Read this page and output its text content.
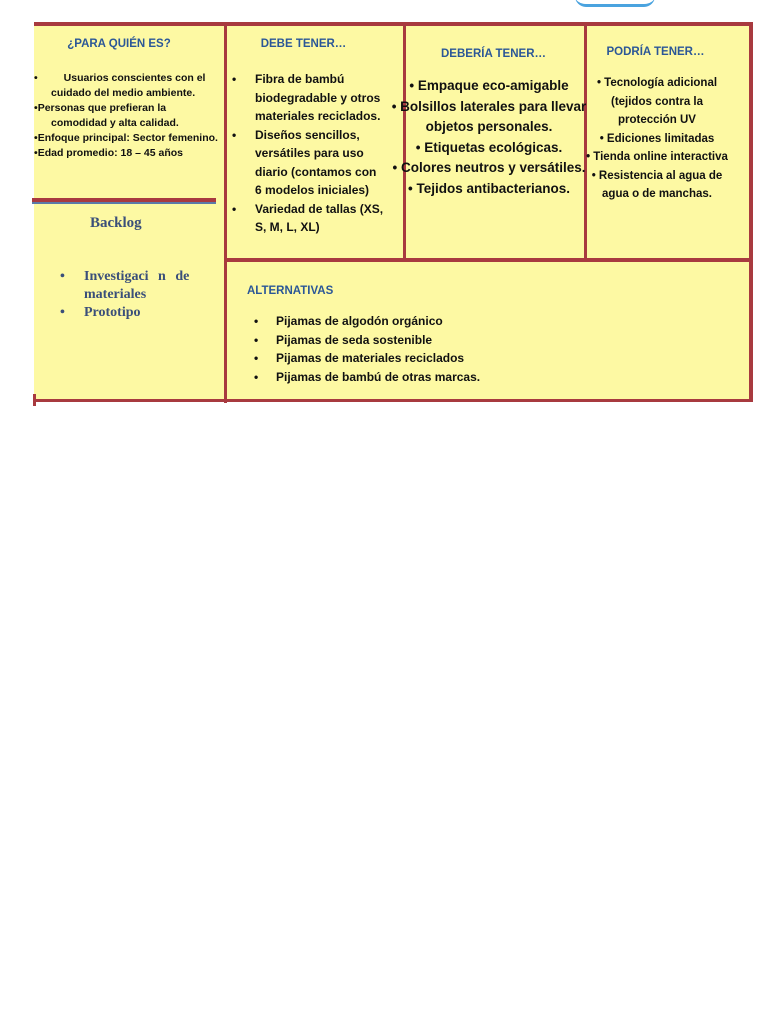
¿PARA QUIÉN ES?
• Usuarios conscientes con el cuidado del medio ambiente.
•Personas que prefieran la comodidad y alta calidad.
•Enfoque principal: Sector femenino.
•Edad promedio: 18 – 45 años
DEBE TENER…
• Fibra de bambú biodegradable y otros materiales reciclados.
• Diseños sencillos, versátiles para uso diario (contamos con 6 modelos iniciales)
• Variedad de tallas (XS, S, M, L, XL)
DEBERÍA TENER…
• Empaque eco-amigable
• Bolsillos laterales para llevar objetos personales.
• Etiquetas ecológicas.
• Colores neutros y versátiles.
• Tejidos antibacterianos.
PODRÍA TENER…
• Tecnología adicional (tejidos contra la protección UV
• Ediciones limitadas
• Tienda online interactiva
• Resistencia al agua de agua o de manchas.
Backlog
• Investigaci n de materiales
• Prototipo
ALTERNATIVAS
• Pijamas de algodón orgánico
• Pijamas de seda sostenible
• Pijamas de materiales reciclados
• Pijamas de bambú de otras marcas.
